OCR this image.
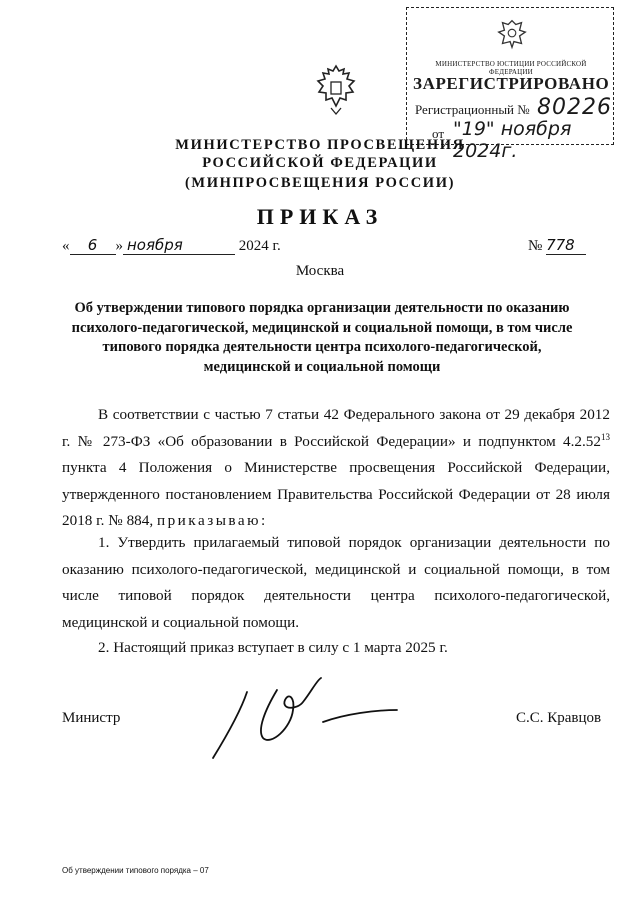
МИНИСТЕРСТВО ЮСТИЦИИ РОССИЙСКОЙ ФЕДЕРАЦИИ
ЗАРЕГИСТРИРОВАНО
Регистрационный № 80226
от "19" ноября 2024г.
МИНИСТЕРСТВО ПРОСВЕЩЕНИЯ
РОССИЙСКОЙ ФЕДЕРАЦИИ
(МИНПРОСВЕЩЕНИЯ РОССИИ)
ПРИКАЗ
« 6 » ноября	2024 г.	№ 778
Москва
Об утверждении типового порядка организации деятельности по оказанию психолого-педагогической, медицинской и социальной помощи, в том числе типового порядка деятельности центра психолого-педагогической, медицинской и социальной помощи
В соответствии с частью 7 статьи 42 Федерального закона от 29 декабря 2012 г. № 273-ФЗ «Об образовании в Российской Федерации» и подпунктом 4.2.52$^{13}$ пункта 4 Положения о Министерстве просвещения Российской Федерации, утвержденного постановлением Правительства Российской Федерации от 28 июля 2018 г. № 884, приказываю:
1. Утвердить прилагаемый типовой порядок организации деятельности по оказанию психолого-педагогической, медицинской и социальной помощи, в том числе типовой порядок деятельности центра психолого-педагогической, медицинской и социальной помощи.
2. Настоящий приказ вступает в силу с 1 марта 2025 г.
Министр	С.С. Кравцов
Об утверждении типового порядка – 07
